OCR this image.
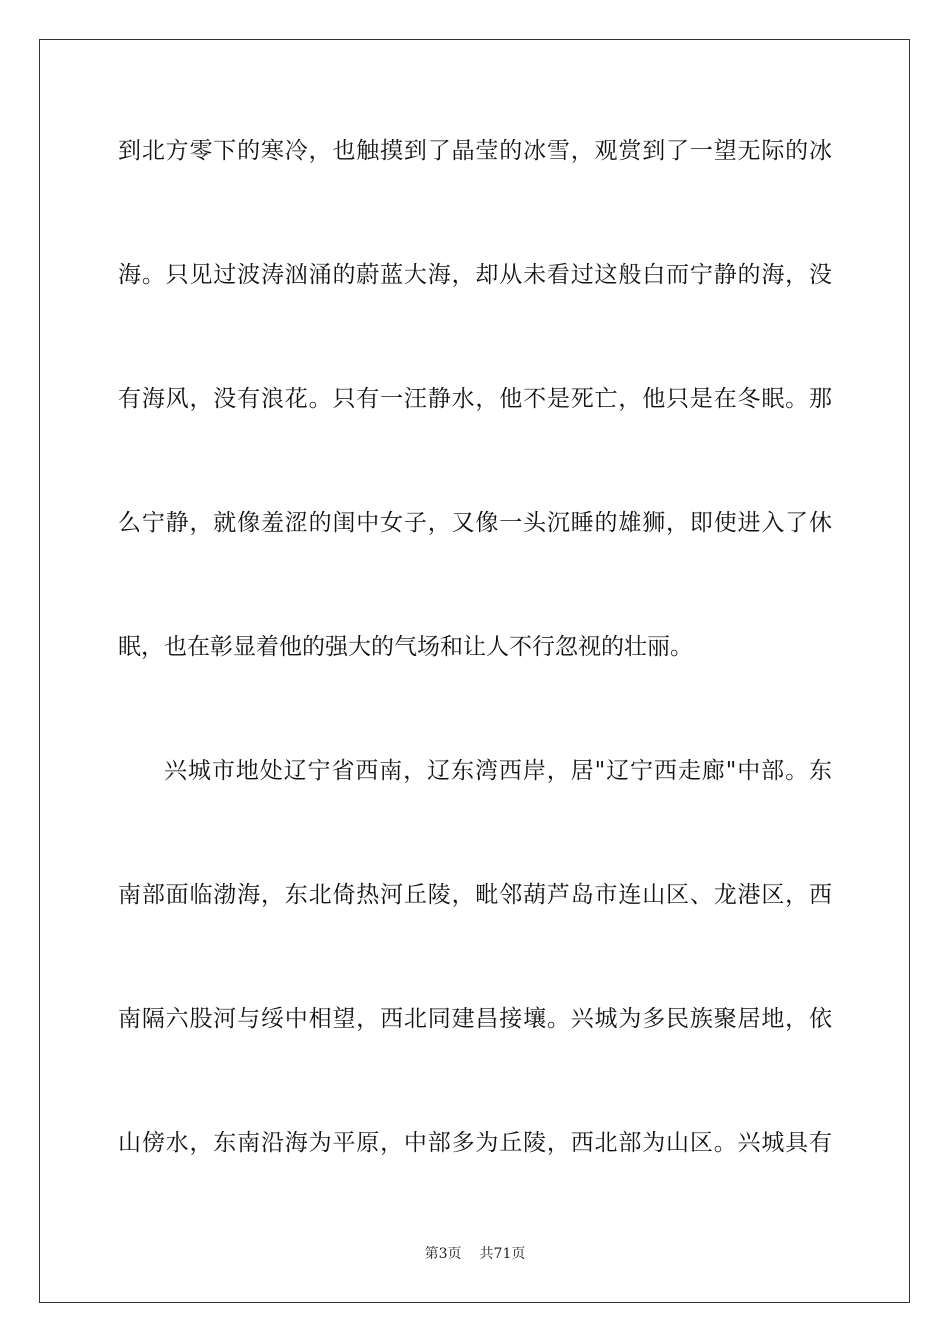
到北方零下的寒冷，也触摸到了晶莹的冰雪，观赏到了一望无际的冰
海。只见过波涛汹涌的蔚蓝大海，却从未看过这般白而宁静的海，没
有海风，没有浪花。只有一汪静水，他不是死亡，他只是在冬眠。那
么宁静，就像羞涩的闺中女子，又像一头沉睡的雄狮，即使进入了休
眠，也在彰显着他的强大的气场和让人不行忽视的壮丽。
兴城市地处辽宁省西南，辽东湾西岸，居"辽宁西走廊"中部。东
南部面临渤海，东北倚热河丘陵，毗邻葫芦岛市连山区、龙港区，西
南隔六股河与绥中相望，西北同建昌接壤。兴城为多民族聚居地，依
山傍水，东南沿海为平原，中部多为丘陵，西北部为山区。兴城具有
第3页 共71页
